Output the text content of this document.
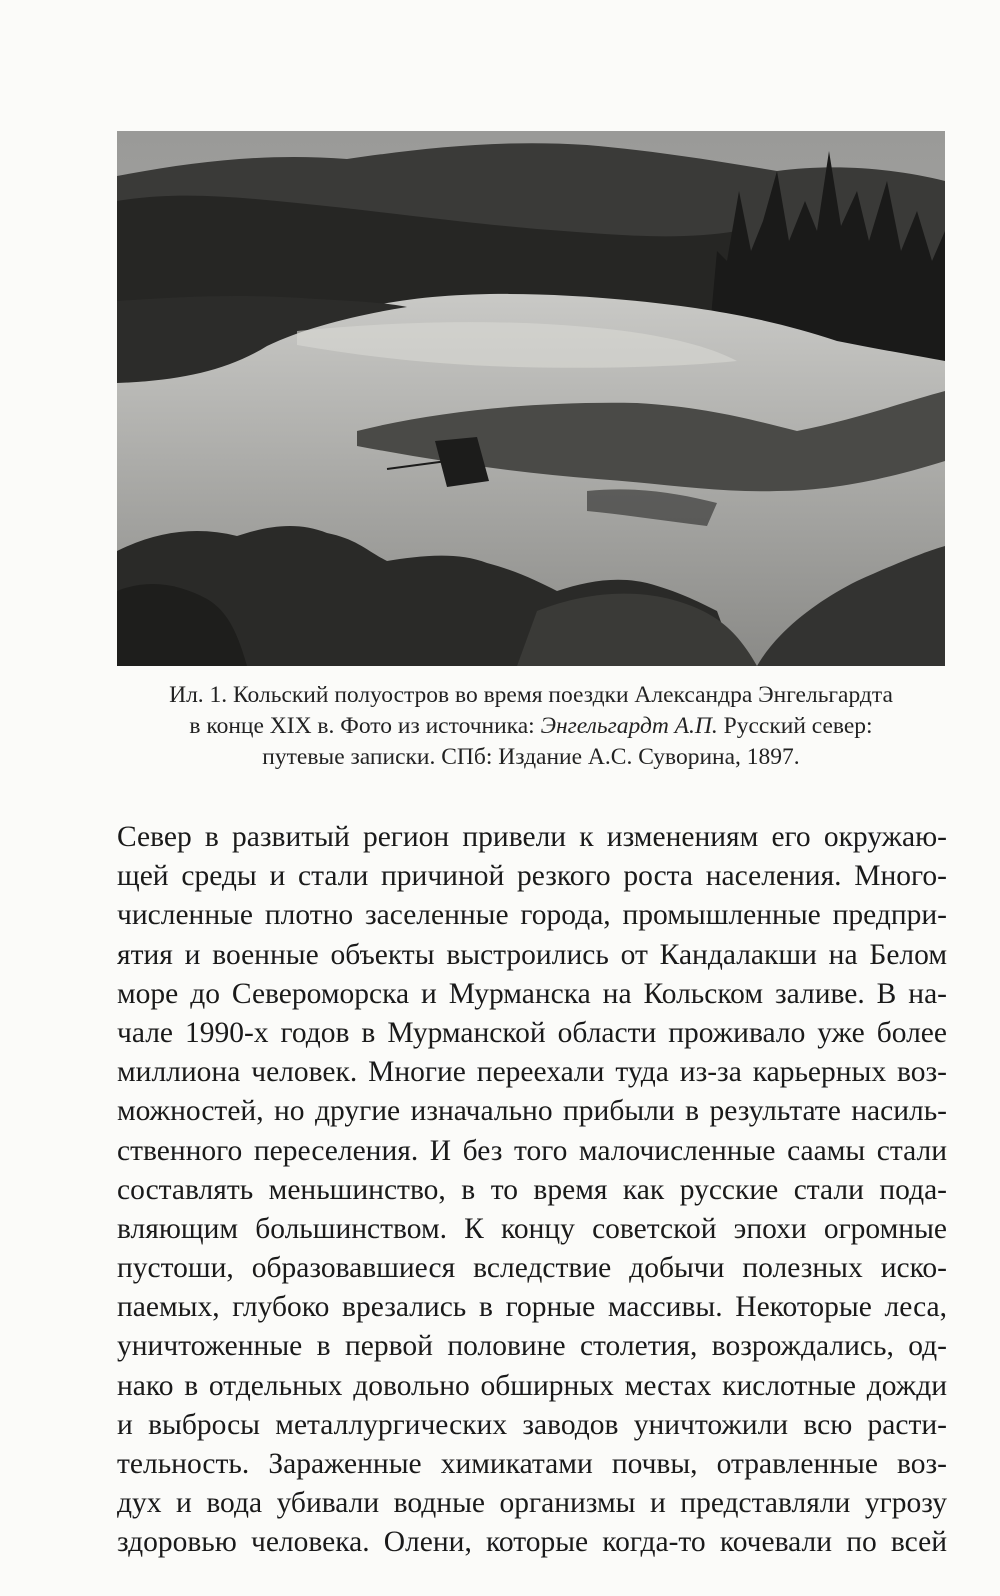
Ил. 1. Кольский полуостров во время поездки Александра Энгельгардта
в конце XIX в. Фото из источника: Энгельгардт А.П. Русский север:
путевые записки. СПб: Издание А.С. Суворина, 1897.
Север в развитый регион привели к изменениям его окружаю-
щей среды и стали причиной резкого роста населения. Много-
численные плотно заселенные города, промышленные предпри-
ятия и военные объекты выстроились от Кандалакши на Белом
море до Североморска и Мурманска на Кольском заливе. В на-
чале 1990-х годов в Мурманской области проживало уже более
миллиона человек. Многие переехали туда из-за карьерных воз-
можностей, но другие изначально прибыли в результате насиль-
ственного переселения. И без того малочисленные саамы стали
составлять меньшинство, в то время как русские стали пода-
вляющим большинством. К концу советской эпохи огромные
пустоши, образовавшиеся вследствие добычи полезных иско-
паемых, глубоко врезались в горные массивы. Некоторые леса,
уничтоженные в первой половине столетия, возрождались, од-
нако в отдельных довольно обширных местах кислотные дожди
и выбросы металлургических заводов уничтожили всю расти-
тельность. Зараженные химикатами почвы, отравленные воз-
дух и вода убивали водные организмы и представляли угрозу
здоровью человека. Олени, которые когда-то кочевали по всей
